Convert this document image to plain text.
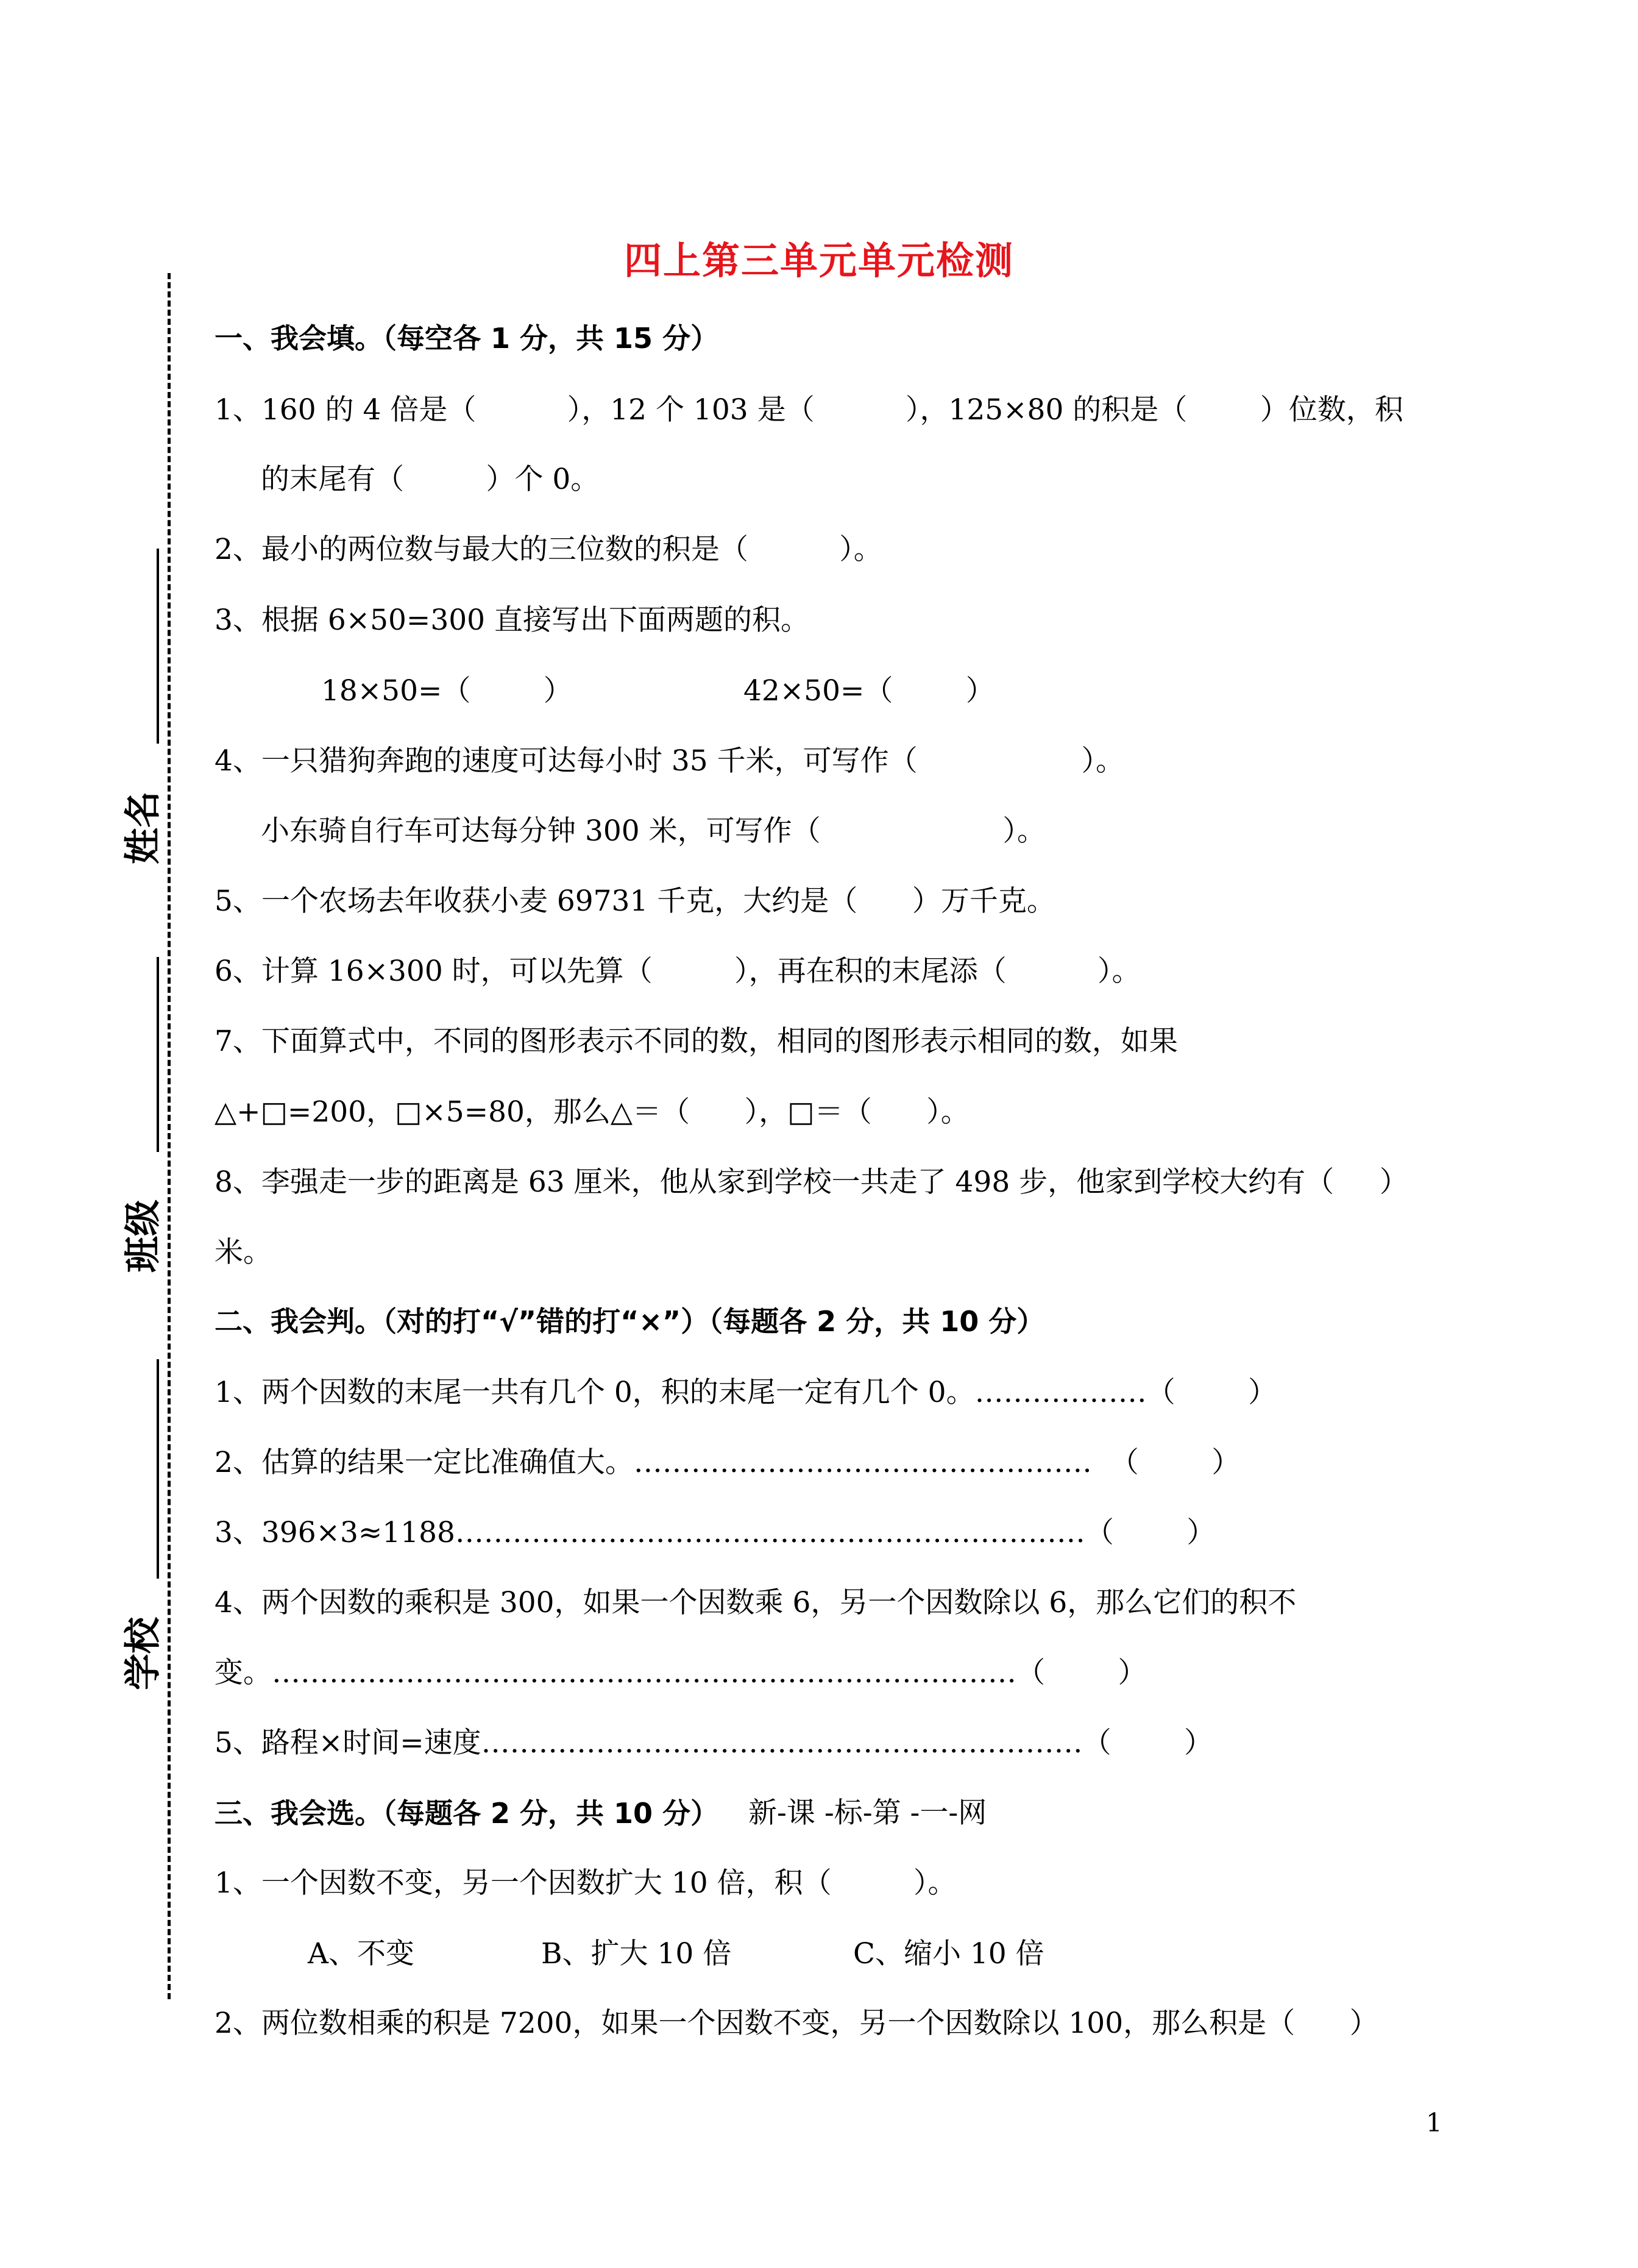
姓名
班级
学校
四上第三单元单元检测
一、我会填。（每空各 1 分，共 15 分）
1、160 的 4 倍是（          ），12 个 103 是（          ），125×80 的积是（        ）位数，积
的末尾有（         ）个 0。
2、最小的两位数与最大的三位数的积是（          ）。
3、根据 6×50=300 直接写出下面两题的积。
18×50=（        ）	42×50=（        ）
4、一只猎狗奔跑的速度可达每小时 35 千米，可写作（                  ）。
小东骑自行车可达每分钟 300 米，可写作（                    ）。
5、一个农场去年收获小麦 69731 千克，大约是（      ）万千克。
6、计算 16×300 时，可以先算（         ），再在积的末尾添（          ）。
7、下面算式中，不同的图形表示不同的数，相同的图形表示相同的数，如果
△+□=200，□×5=80，那么△＝（      ），□＝（      ）。
8、李强走一步的距离是 63 厘米，他从家到学校一共走了 498 步，他家到学校大约有（     ）
米。
二、我会判。（对的打“√”错的打“×”）（每题各 2 分，共 10 分）
1、两个因数的末尾一共有几个 0，积的末尾一定有几个 0。………………（        ）
2、估算的结果一定比准确值大。…………………………………………  （        ）
3、396×3≈1188…………………………………………………………（        ）
4、两个因数的乘积是 300，如果一个因数乘 6，另一个因数除以 6，那么它们的积不
变。……………………………………………………………………（        ）
5、路程×时间=速度………………………………………………………（        ）
三、我会选。（每题各 2 分，共 10 分） 新-课 -标-第 -一-网
1、一个因数不变，另一个因数扩大 10 倍，积（         ）。
A、不变	B、扩大 10 倍	C、缩小 10 倍
2、两位数相乘的积是 7200，如果一个因数不变，另一个因数除以 100，那么积是（      ）
1
